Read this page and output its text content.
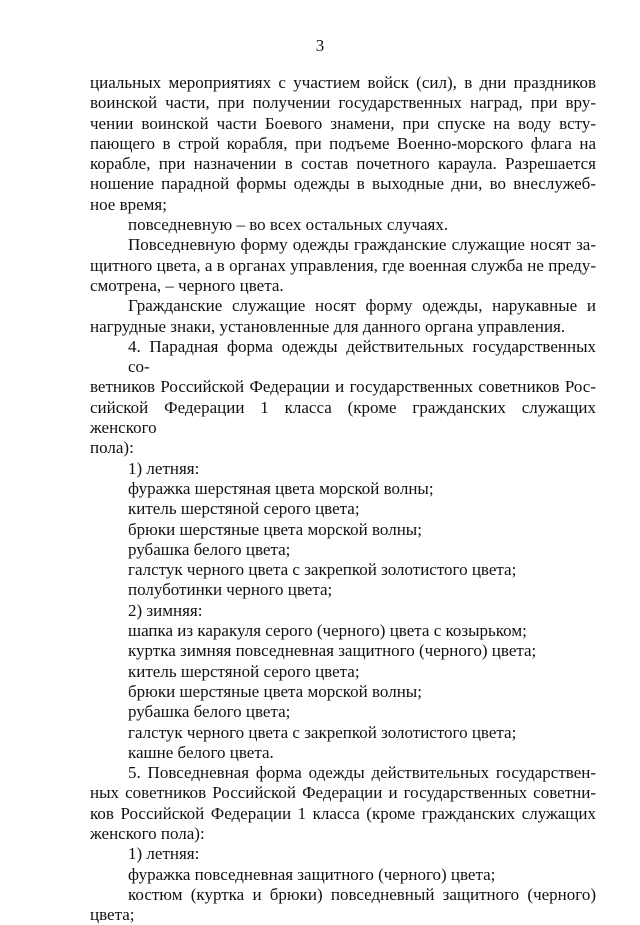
3
циальных мероприятиях с участием войск (сил), в дни праздников
воинской части, при получении государственных наград, при вру-
чении воинской части Боевого знамени, при спуске на воду всту-
пающего в строй корабля, при подъеме Военно-морского флага на
корабле, при назначении в состав почетного караула. Разрешается
ношение парадной формы одежды в выходные дни, во внеслужеб-
ное время;
повседневную – во всех остальных случаях.
Повседневную форму одежды гражданские служащие носят за-
щитного цвета, а в органах управления, где военная служба не преду-
смотрена, – черного цвета.
Гражданские служащие носят форму одежды, нарукавные и
нагрудные знаки, установленные для данного органа управления.
4. Парадная форма одежды действительных государственных со-
ветников Российской Федерации и государственных советников Рос-
сийской Федерации 1 класса (кроме гражданских служащих женского
пола):
1) летняя:
фуражка шерстяная цвета морской волны;
китель шерстяной серого цвета;
брюки шерстяные цвета морской волны;
рубашка белого цвета;
галстук черного цвета с закрепкой золотистого цвета;
полуботинки черного цвета;
2) зимняя:
шапка из каракуля серого (черного) цвета с козырьком;
куртка зимняя повседневная защитного (черного) цвета;
китель шерстяной серого цвета;
брюки шерстяные цвета морской волны;
рубашка белого цвета;
галстук черного цвета с закрепкой золотистого цвета;
кашне белого цвета.
5. Повседневная форма одежды действительных государствен-
ных советников Российской Федерации и государственных советни-
ков Российской Федерации 1 класса (кроме гражданских служащих
женского пола):
1) летняя:
фуражка повседневная защитного (черного) цвета;
костюм (куртка и брюки) повседневный защитного (черного)
цвета;
